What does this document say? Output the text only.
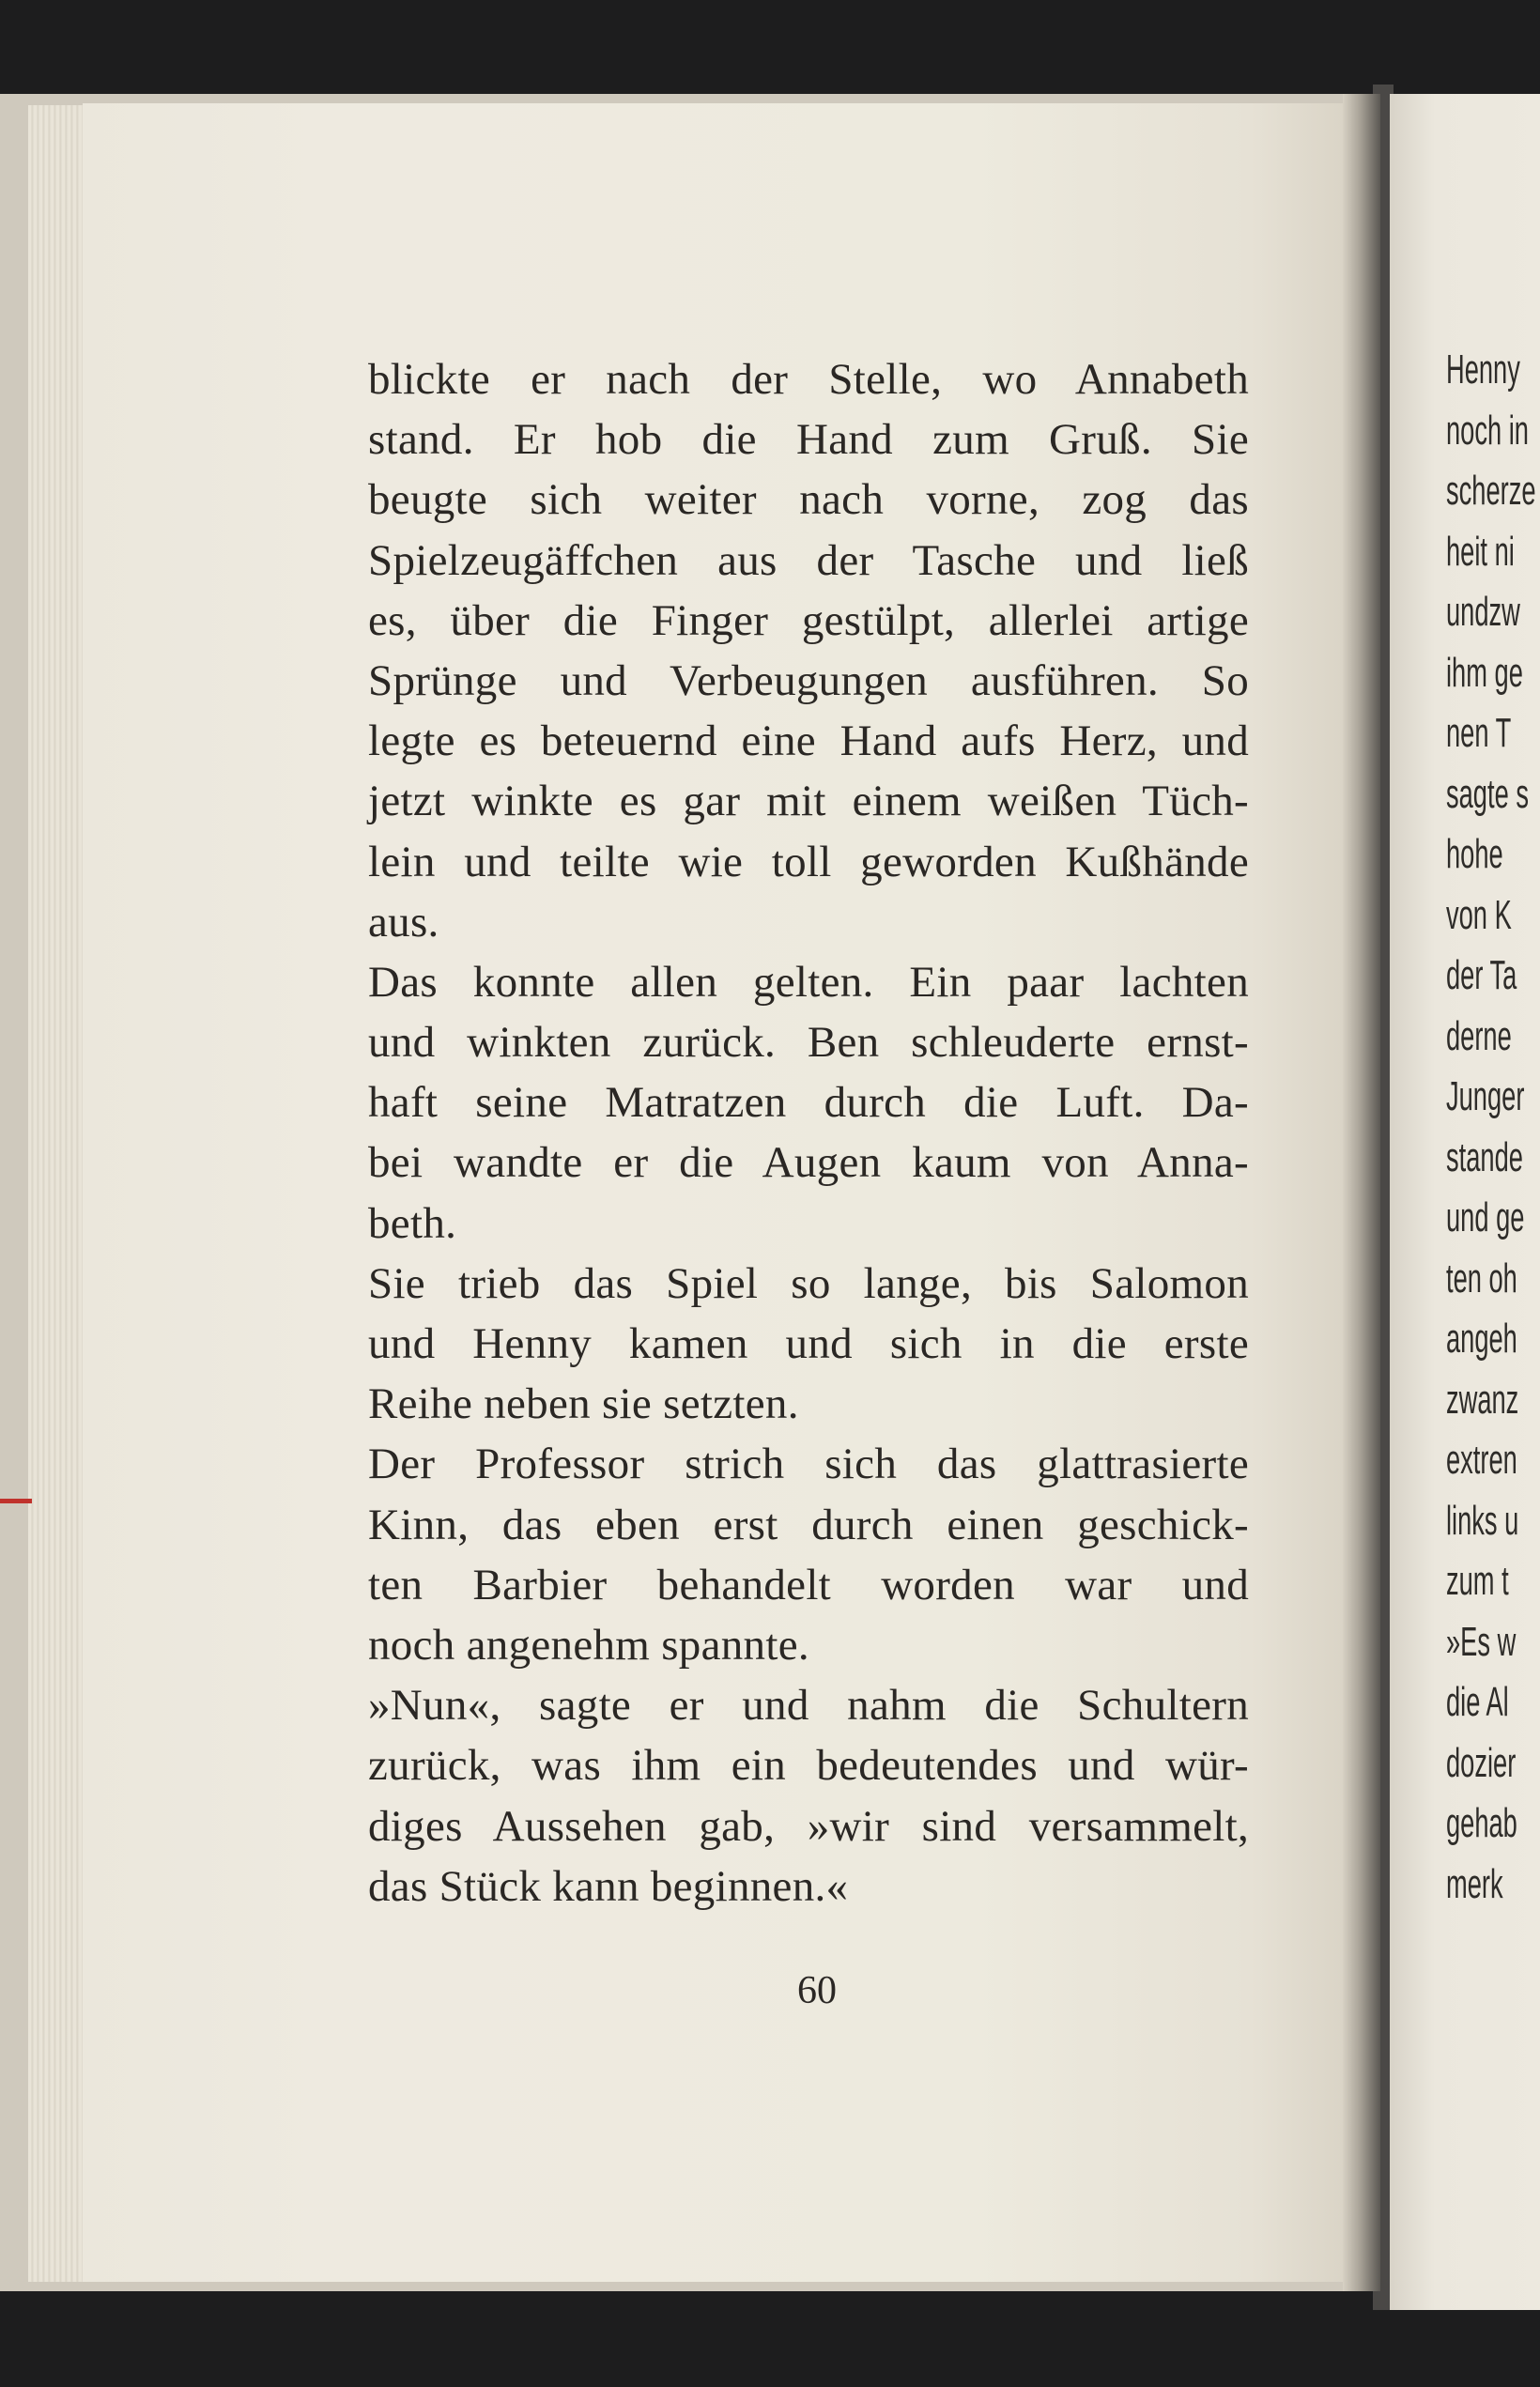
Henny
noch in
scherze
heit ni
undzw
ihm ge
nen T
sagte s
hohe
von K
der Ta
derne
Junger
stande
und ge
ten oh
angeh
zwanz
extren
links u
zum t
»Es w
die Al
dozier
gehab
merk
blickte er nach der Stelle, wo Annabeth
stand. Er hob die Hand zum Gruß. Sie
beugte sich weiter nach vorne, zog das
Spielzeugäffchen aus der Tasche und ließ
es, über die Finger gestülpt, allerlei artige
Sprünge und Verbeugungen ausführen. So
legte es beteuernd eine Hand aufs Herz, und
jetzt winkte es gar mit einem weißen Tüch-
lein und teilte wie toll geworden Kußhände
aus.
Das konnte allen gelten. Ein paar lachten
und winkten zurück. Ben schleuderte ernst-
haft seine Matratzen durch die Luft. Da-
bei wandte er die Augen kaum von Anna-
beth.
Sie trieb das Spiel so lange, bis Salomon
und Henny kamen und sich in die erste
Reihe neben sie setzten.
Der Professor strich sich das glattrasierte
Kinn, das eben erst durch einen geschick-
ten Barbier behandelt worden war und
noch angenehm spannte.
»Nun«, sagte er und nahm die Schultern
zurück, was ihm ein bedeutendes und wür-
diges Aussehen gab, »wir sind versammelt,
das Stück kann beginnen.«
60
